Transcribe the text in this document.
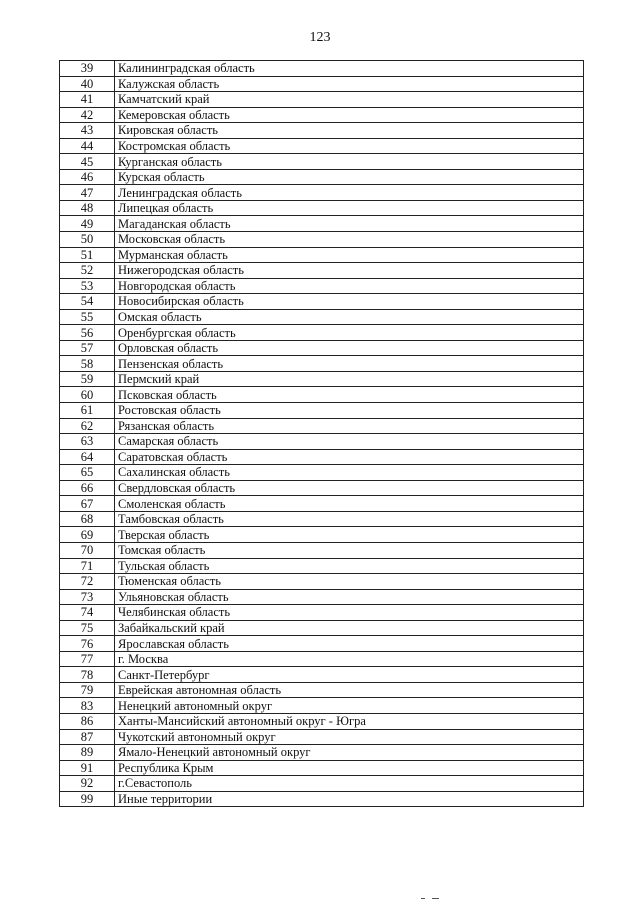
123
39	Калининградская область
40	Калужская область
41	Камчатский край
42	Кемеровская область
43	Кировская область
44	Костромская область
45	Курганская область
46	Курская область
47	Ленинградская область
48	Липецкая область
49	Магаданская область
50	Московская область
51	Мурманская область
52	Нижегородская область
53	Новгородская область
54	Новосибирская область
55	Омская область
56	Оренбургская область
57	Орловская область
58	Пензенская область
59	Пермский край
60	Псковская область
61	Ростовская область
62	Рязанская область
63	Самарская область
64	Саратовская область
65	Сахалинская область
66	Свердловская область
67	Смоленская область
68	Тамбовская область
69	Тверская область
70	Томская область
71	Тульская область
72	Тюменская область
73	Ульяновская область
74	Челябинская область
75	Забайкальский край
76	Ярославская область
77	г. Москва
78	Санкт-Петербург
79	Еврейская автономная область
83	Ненецкий автономный округ
86	Ханты-Мансийский автономный округ - Югра
87	Чукотский автономный округ
89	Ямало-Ненецкий автономный округ
91	Республика Крым
92	г.Севастополь
99	Иные территории
